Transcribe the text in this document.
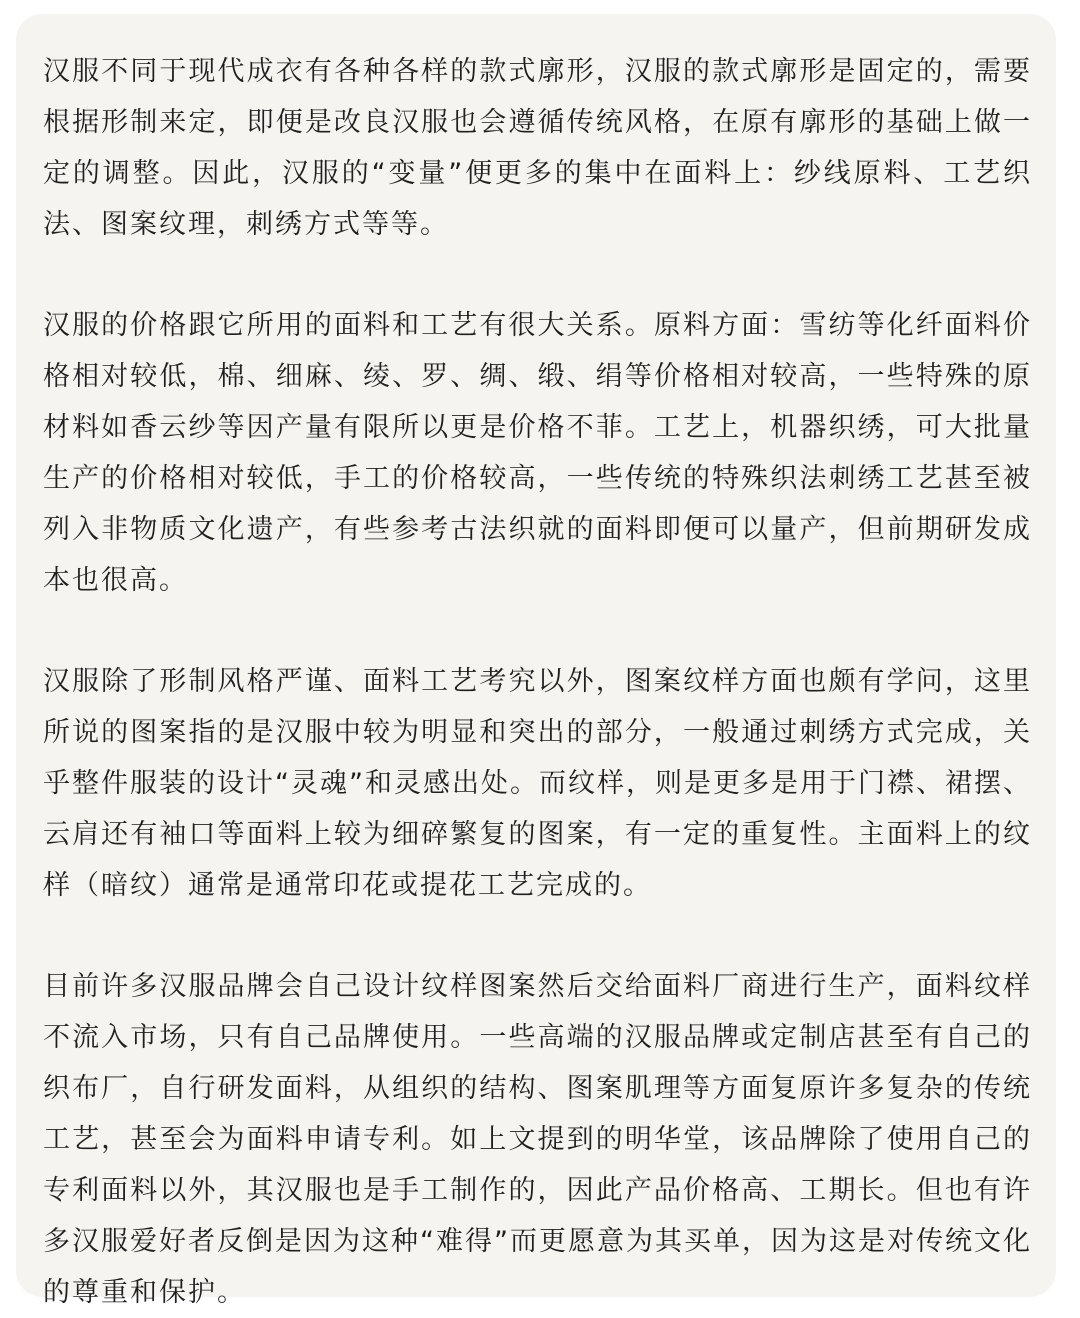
汉服不同于现代成衣有各种各样的款式廓形，汉服的款式廓形是固定的，需要根据形制来定，即便是改良汉服也会遵循传统风格，在原有廓形的基础上做一定的调整。因此，汉服的“变量”便更多的集中在面料上：纱线原料、工艺织法、图案纹理，刺绣方式等等。

汉服的价格跟它所用的面料和工艺有很大关系。原料方面：雪纺等化纤面料价格相对较低，棉、细麻、绫、罗、绸、缎、绢等价格相对较高，一些特殊的原材料如香云纱等因产量有限所以更是价格不菲。工艺上，机器织绣，可大批量生产的价格相对较低，手工的价格较高，一些传统的特殊织法刺绣工艺甚至被列入非物质文化遗产，有些参考古法织就的面料即便可以量产，但前期研发成本也很高。

汉服除了形制风格严谨、面料工艺考究以外，图案纹样方面也颇有学问，这里所说的图案指的是汉服中较为明显和突出的部分，一般通过刺绣方式完成，关乎整件服装的设计“灵魂”和灵感出处。而纹样，则是更多是用于门襟、裙摆、云肩还有袖口等面料上较为细碎繁复的图案，有一定的重复性。主面料上的纹样（暗纹）通常是通常印花或提花工艺完成的。

目前许多汉服品牌会自己设计纹样图案然后交给面料厂商进行生产，面料纹样不流入市场，只有自己品牌使用。一些高端的汉服品牌或定制店甚至有自己的织布厂，自行研发面料，从组织的结构、图案肌理等方面复原许多复杂的传统工艺，甚至会为面料申请专利。如上文提到的明华堂，该品牌除了使用自己的专利面料以外，其汉服也是手工制作的，因此产品价格高、工期长。但也有许多汉服爱好者反倒是因为这种“难得”而更愿意为其买单，因为这是对传统文化的尊重和保护。
